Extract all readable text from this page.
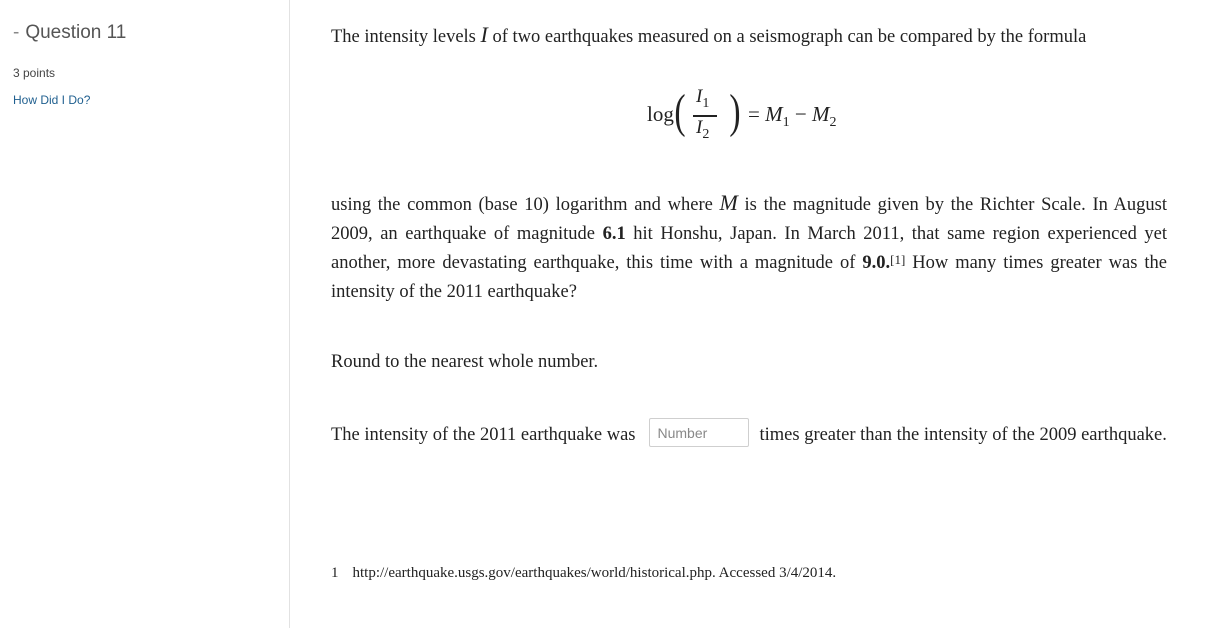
- Question 11
3 points
How Did I Do?

The intensity levels I of two earthquakes measured on a seismograph can be compared by the formula

log ( $I_1$
$I_2$ ) = $M_1 - M_2$

using the common (base 10) logarithm and where M is the magnitude given by the Richter Scale. In August 2009, an earthquake of magnitude 6.1 hit Honshu, Japan. In March 2011, that same region experienced yet another, more devastating earthquake, this time with a magnitude of 9.0.[1] How many times greater was the intensity of the 2011 earthquake?

Round to the nearest whole number.

The intensity of the 2011 earthquake wasNumber	times greater than the intensity of the 2009 earthquake.

1 http://earthquake.usgs.gov/earthquakes/world/historical.php. Accessed 3/4/2014.
